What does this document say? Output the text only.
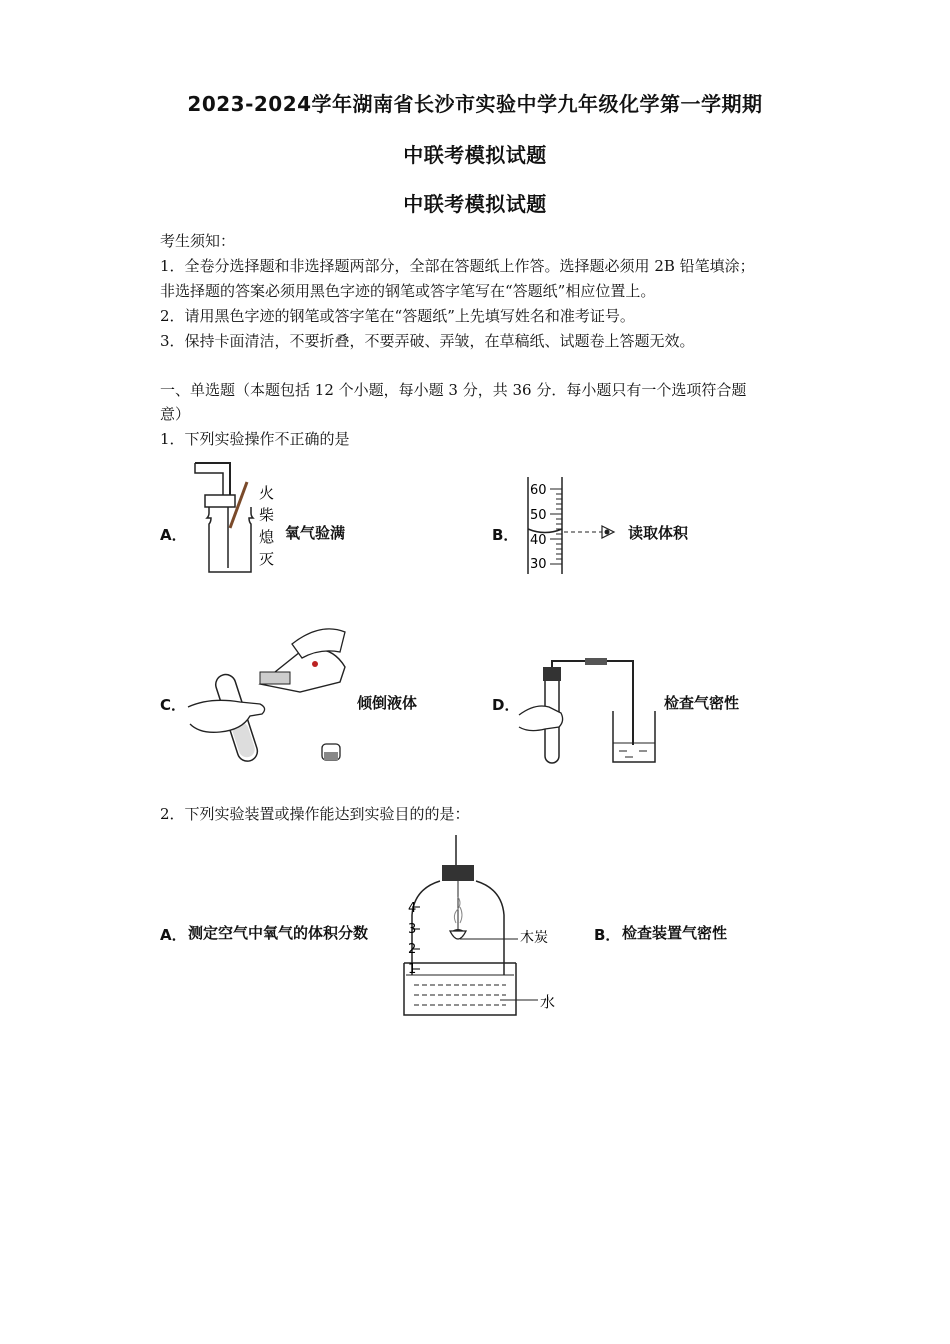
2023-2024学年湖南省长沙市实验中学九年级化学第一学期期
中联考模拟试题
中联考模拟试题
考生须知：
1．全卷分选择题和非选择题两部分，全部在答题纸上作答。选择题必须用 2B 铅笔填涂；
非选择题的答案必须用黑色字迹的钢笔或答字笔写在“答题纸”相应位置上。
2．请用黑色字迹的钢笔或答字笔在“答题纸”上先填写姓名和准考证号。
3．保持卡面清洁，不要折叠，不要弄破、弄皱，在草稿纸、试题卷上答题无效。
一、单选题（本题包括 12 个小题，每小题 3 分，共 36 分．每小题只有一个选项符合题
意）
1．下列实验操作不正确的是
A．
火
柴
熄
灭
氧气验满	B．
60
50
40
30
读取体积
C．	倾倒液体	D．	检查气密性
2．下列实验装置或操作能达到实验目的的是：
A． 测定空气中氧气的体积分数
4
3
2
1
木炭
水
B． 检查装置气密性
